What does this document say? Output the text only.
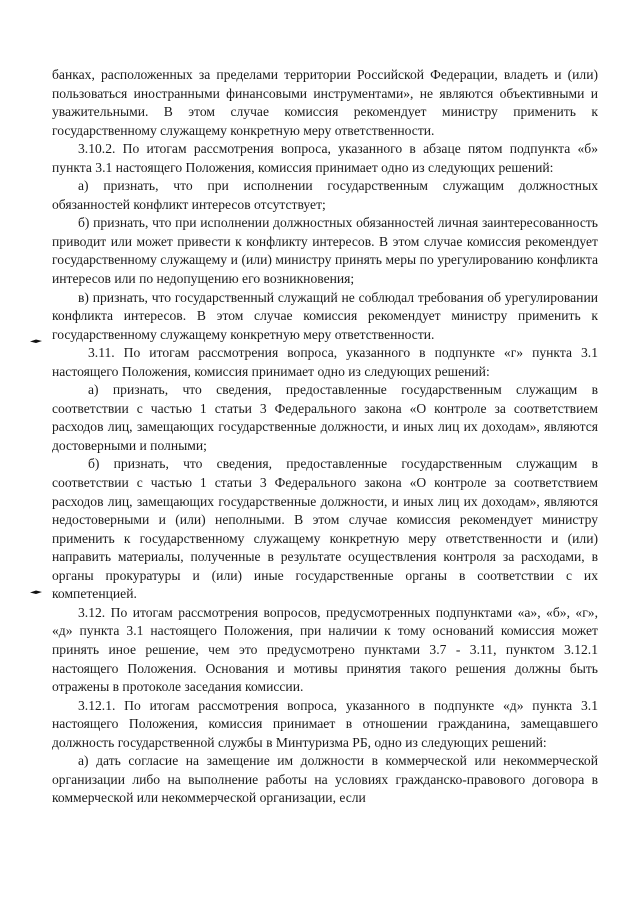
банках, расположенных за пределами территории Российской Федерации, владеть и (или) пользоваться иностранными финансовыми инструментами», не являются объективными и уважительными. В этом случае комиссия рекомендует министру применить к государственному служащему конкретную меру ответственности.

3.10.2. По итогам рассмотрения вопроса, указанного в абзаце пятом подпункта «б» пункта 3.1 настоящего Положения, комиссия принимает одно из следующих решений:

а) признать, что при исполнении государственным служащим должностных обязанностей конфликт интересов отсутствует;

б) признать, что при исполнении должностных обязанностей личная заинтересованность приводит или может привести к конфликту интересов. В этом случае комиссия рекомендует государственному служащему и (или) министру принять меры по урегулированию конфликта интересов или по недопущению его возникновения;

в) признать, что государственный служащий не соблюдал требования об урегулировании конфликта интересов. В этом случае комиссия рекомендует министру применить к государственному служащему конкретную меру ответственности.

3.11. По итогам рассмотрения вопроса, указанного в подпункте «г» пункта 3.1 настоящего Положения, комиссия принимает одно из следующих решений:

а) признать, что сведения, предоставленные государственным служащим в соответствии с частью 1 статьи 3 Федерального закона «О контроле за соответствием расходов лиц, замещающих государственные должности, и иных лиц их доходам», являются достоверными и полными;

б) признать, что сведения, предоставленные государственным служащим в соответствии с частью 1 статьи 3 Федерального закона «О контроле за соответствием расходов лиц, замещающих государственные должности, и иных лиц их доходам», являются недостоверными и (или) неполными. В этом случае комиссия рекомендует министру применить к государственному служащему конкретную меру ответственности и (или) направить материалы, полученные в результате осуществления контроля за расходами, в органы прокуратуры и (или) иные государственные органы в соответствии с их компетенцией.

3.12. По итогам рассмотрения вопросов, предусмотренных подпунктами «а», «б», «г», «д» пункта 3.1 настоящего Положения, при наличии к тому оснований комиссия может принять иное решение, чем это предусмотрено пунктами 3.7 - 3.11, пунктом 3.12.1 настоящего Положения. Основания и мотивы принятия такого решения должны быть отражены в протоколе заседания комиссии.

3.12.1. По итогам рассмотрения вопроса, указанного в подпункте «д» пункта 3.1 настоящего Положения, комиссия принимает в отношении гражданина, замещавшего должность государственной службы в Минтуризма РБ, одно из следующих решений:

а) дать согласие на замещение им должности в коммерческой или некоммерческой организации либо на выполнение работы на условиях гражданско-правового договора в коммерческой или некоммерческой организации, если
